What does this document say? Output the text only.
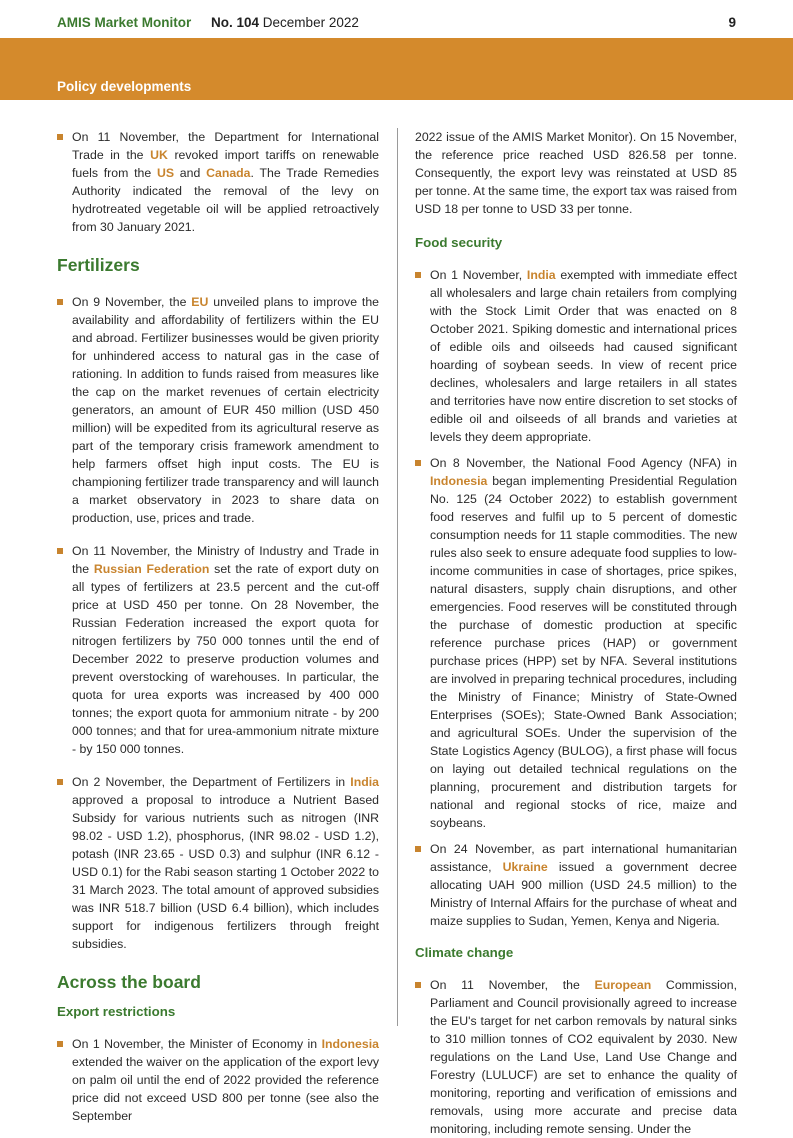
AMIS Market Monitor No. 104 December 2022	9
Policy developments

On 11 November, the Department for International Trade in the UK revoked import tariffs on renewable fuels from the US and Canada. The Trade Remedies Authority indicated the removal of the levy on hydrotreated vegetable oil will be applied retroactively from 30 January 2021.

Fertilizers

On 9 November, the EU unveiled plans to improve the availability and affordability of fertilizers within the EU and abroad. Fertilizer businesses would be given priority for unhindered access to natural gas in the case of rationing. In addition to funds raised from measures like the cap on the market revenues of certain electricity generators, an amount of EUR 450 million (USD 450 million) will be expedited from its agricultural reserve as part of the temporary crisis framework amendment to help farmers offset high input costs. The EU is championing fertilizer trade transparency and will launch a market observatory in 2023 to share data on production, use, prices and trade.

On 11 November, the Ministry of Industry and Trade in the Russian Federation set the rate of export duty on all types of fertilizers at 23.5 percent and the cut-off price at USD 450 per tonne. On 28 November, the Russian Federation increased the export quota for nitrogen fertilizers by 750 000 tonnes until the end of December 2022 to preserve production volumes and prevent overstocking of warehouses. In particular, the quota for urea exports was increased by 400 000 tonnes; the export quota for ammonium nitrate - by 200 000 tonnes; and that for urea-ammonium nitrate mixture - by 150 000 tonnes.

On 2 November, the Department of Fertilizers in India approved a proposal to introduce a Nutrient Based Subsidy for various nutrients such as nitrogen (INR 98.02 - USD 1.2), phosphorus, (INR 98.02 - USD 1.2), potash (INR 23.65 - USD 0.3) and sulphur (INR 6.12 - USD 0.1) for the Rabi season starting 1 October 2022 to 31 March 2023. The total amount of approved subsidies was INR 518.7 billion (USD 6.4 billion), which includes support for indigenous fertilizers through freight subsidies.

Across the board
Export restrictions

On 1 November, the Minister of Economy in Indonesia extended the waiver on the application of the export levy on palm oil until the end of 2022 provided the reference price did not exceed USD 800 per tonne (see also the September

2022 issue of the AMIS Market Monitor). On 15 November, the reference price reached USD 826.58 per tonne. Consequently, the export levy was reinstated at USD 85 per tonne. At the same time, the export tax was raised from USD 18 per tonne to USD 33 per tonne.

Food security

On 1 November, India exempted with immediate effect all wholesalers and large chain retailers from complying with the Stock Limit Order that was enacted on 8 October 2021. Spiking domestic and international prices of edible oils and oilseeds had caused significant hoarding of soybean seeds. In view of recent price declines, wholesalers and large retailers in all states and territories have now entire discretion to set stocks of edible oil and oilseeds of all brands and varieties at levels they deem appropriate.

On 8 November, the National Food Agency (NFA) in Indonesia began implementing Presidential Regulation No. 125 (24 October 2022) to establish government food reserves and fulfil up to 5 percent of domestic consumption needs for 11 staple commodities. The new rules also seek to ensure adequate food supplies to low-income communities in case of shortages, price spikes, natural disasters, supply chain disruptions, and other emergencies. Food reserves will be constituted through the purchase of domestic production at specific reference purchase prices (HAP) or government purchase prices (HPP) set by NFA. Several institutions are involved in preparing technical procedures, including the Ministry of Finance; Ministry of State-Owned Enterprises (SOEs); State-Owned Bank Association; and agricultural SOEs. Under the supervision of the State Logistics Agency (BULOG), a first phase will focus on laying out detailed technical regulations on the planning, procurement and distribution targets for national and regional stocks of rice, maize and soybeans.

On 24 November, as part international humanitarian assistance, Ukraine issued a government decree allocating UAH 900 million (USD 24.5 million) to the Ministry of Internal Affairs for the purchase of wheat and maize supplies to Sudan, Yemen, Kenya and Nigeria.

Climate change

On 11 November, the European Commission, Parliament and Council provisionally agreed to increase the EU's target for net carbon removals by natural sinks to 310 million tonnes of CO2 equivalent by 2030. New regulations on the Land Use, Land Use Change and Forestry (LULUCF) are set to enhance the quality of monitoring, reporting and verification of emissions and removals, using more accurate and precise data monitoring, including remote sensing. Under the
